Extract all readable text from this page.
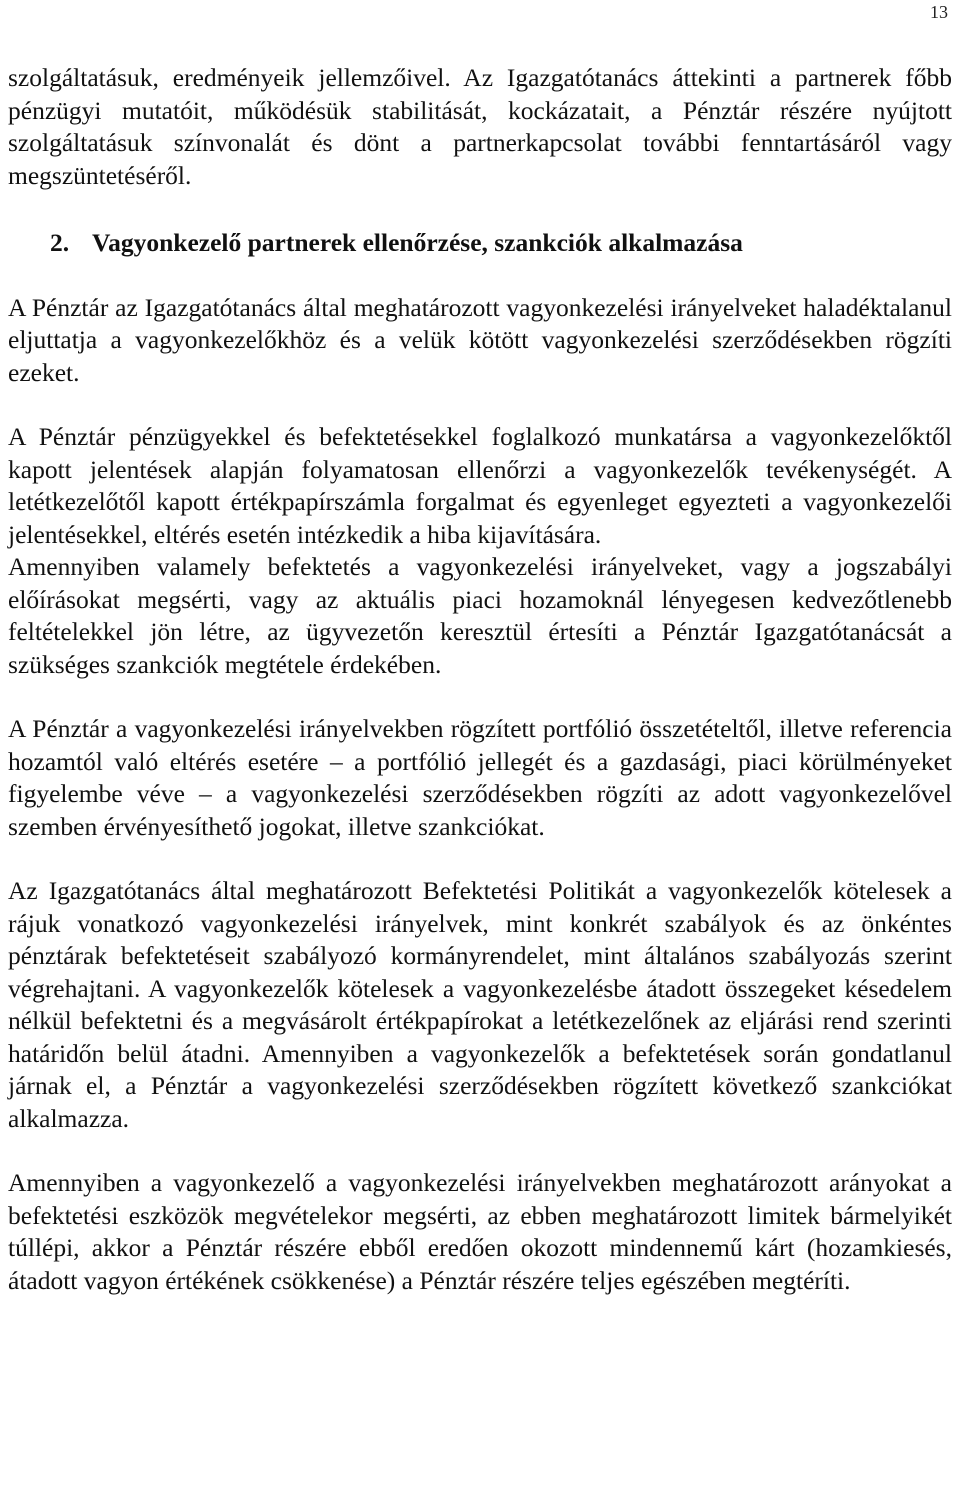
13

szolgáltatásuk, eredményeik jellemzőivel. Az Igazgatótanács áttekinti a partnerek főbb pénzügyi mutatóit, működésük stabilitását, kockázatait, a Pénztár részére nyújtott szolgáltatásuk színvonalát és dönt a partnerkapcsolat további fenntartásáról vagy megszüntetéséről.

2. Vagyonkezelő partnerek ellenőrzése, szankciók alkalmazása

A Pénztár az Igazgatótanács által meghatározott vagyonkezelési irányelveket haladéktalanul eljuttatja a vagyonkezelőkhöz és a velük kötött vagyonkezelési szerződésekben rögzíti ezeket.

A Pénztár pénzügyekkel és befektetésekkel foglalkozó munkatársa a vagyonkezelőktől kapott jelentések alapján folyamatosan ellenőrzi a vagyonkezelők tevékenységét. A letétkezelőtől kapott értékpapírszámla forgalmat és egyenleget egyezteti a vagyonkezelői jelentésekkel, eltérés esetén intézkedik a hiba kijavítására.

Amennyiben valamely befektetés a vagyonkezelési irányelveket, vagy a jogszabályi előírásokat megsérti, vagy az aktuális piaci hozamoknál lényegesen kedvezőtlenebb feltételekkel jön létre, az ügyvezetőn keresztül értesíti a Pénztár Igazgatótanácsát a szükséges szankciók megtétele érdekében.

A Pénztár a vagyonkezelési irányelvekben rögzített portfólió összetételtől, illetve referencia hozamtól való eltérés esetére – a portfólió jellegét és a gazdasági, piaci körülményeket figyelembe véve – a vagyonkezelési szerződésekben rögzíti az adott vagyonkezelővel szemben érvényesíthető jogokat, illetve szankciókat.

Az Igazgatótanács által meghatározott Befektetési Politikát a vagyonkezelők kötelesek a rájuk vonatkozó vagyonkezelési irányelvek, mint konkrét szabályok és az önkéntes pénztárak befektetéseit szabályozó kormányrendelet, mint általános szabályozás szerint végrehajtani. A vagyonkezelők kötelesek a vagyonkezelésbe átadott összegeket késedelem nélkül befektetni és a megvásárolt értékpapírokat a letétkezelőnek az eljárási rend szerinti határidőn belül átadni. Amennyiben a vagyonkezelők a befektetések során gondatlanul járnak el, a Pénztár a vagyonkezelési szerződésekben rögzített következő szankciókat alkalmazza.

Amennyiben a vagyonkezelő a vagyonkezelési irányelvekben meghatározott arányokat a befektetési eszközök megvételekor megsérti, az ebben meghatározott limitek bármelyikét túllépi, akkor a Pénztár részére ebből eredően okozott mindennemű kárt (hozamkiesés, átadott vagyon értékének csökkenése) a Pénztár részére teljes egészében megtéríti.
